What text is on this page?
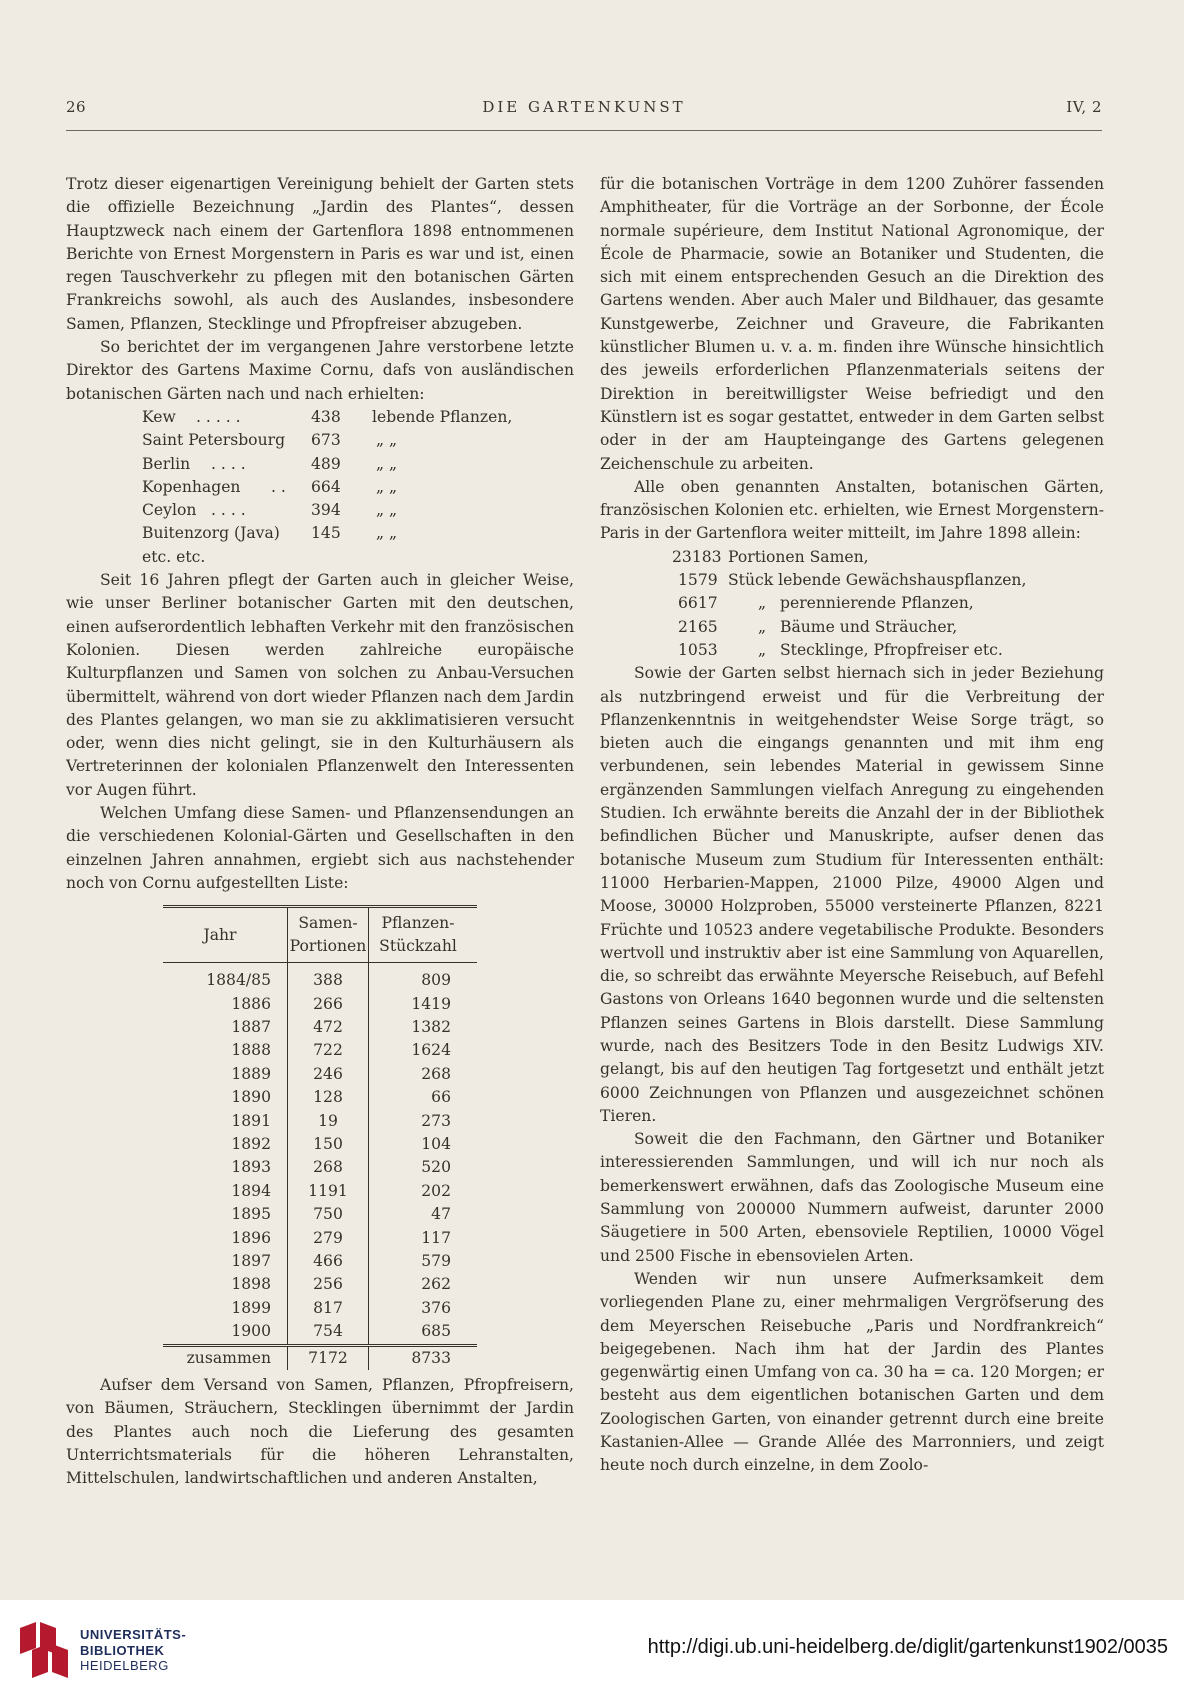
26	DIE GARTENKUNST	IV, 2

Trotz dieser eigenartigen Vereinigung behielt der Garten stets die offizielle Bezeichnung „Jardin des Plantes“, dessen Hauptzweck nach einem der Gartenflora 1898 entnommenen Berichte von Ernest Morgenstern in Paris es war und ist, einen regen Tauschverkehr zu pflegen mit den botanischen Gärten Frankreichs sowohl, als auch des Auslandes, insbesondere Samen, Pflanzen, Stecklinge und Pfropfreiser abzugeben.

So berichtet der im vergangenen Jahre verstorbene letzte Direktor des Gartens Maxime Cornu, dafs von ausländischen botanischen Gärten nach und nach erhielten:

Kew . . . . .	438 lebende Pflanzen,
Saint Petersbourg 673 „ „
Berlin . . . .	489 „ „
Kopenhagen . . 664 „ „
Ceylon . . . .	394 „ „
Buitenzorg (Java) 145 „ „
etc. etc.

Seit 16 Jahren pflegt der Garten auch in gleicher Weise, wie unser Berliner botanischer Garten mit den deutschen, einen aufserordentlich lebhaften Verkehr mit den französischen Kolonien. Diesen werden zahlreiche europäische Kulturpflanzen und Samen von solchen zu Anbau-Versuchen übermittelt, während von dort wieder Pflanzen nach dem Jardin des Plantes gelangen, wo man sie zu akklimatisieren versucht oder, wenn dies nicht gelingt, sie in den Kulturhäusern als Vertreterinnen der kolonialen Pflanzenwelt den Interessenten vor Augen führt.

Welchen Umfang diese Samen- und Pflanzensendungen an die verschiedenen Kolonial-Gärten und Gesellschaften in den einzelnen Jahren annahmen, ergiebt sich aus nachstehender noch von Cornu aufgestellten Liste:

Jahr	Samen-Portionen	Pflanzen-Stückzahl
1884/85	388	809
1886	266	1419
1887	472	1382
1888	722	1624
1889	246	268
1890	128	66
1891	19	273
1892	150	104
1893	268	520
1894	1191	202
1895	750	47
1896	279	117
1897	466	579
1898	256	262
1899	817	376
1900	754	685
zusammen	7172	8733

Aufser dem Versand von Samen, Pflanzen, Pfropfreisern, von Bäumen, Sträuchern, Stecklingen übernimmt der Jardin des Plantes auch noch die Lieferung des gesamten Unterrichtsmaterials für die höheren Lehranstalten, Mittelschulen, landwirtschaftlichen und anderen Anstalten,

für die botanischen Vorträge in dem 1200 Zuhörer fassenden Amphitheater, für die Vorträge an der Sorbonne, der École normale supérieure, dem Institut National Agronomique, der École de Pharmacie, sowie an Botaniker und Studenten, die sich mit einem entsprechenden Gesuch an die Direktion des Gartens wenden. Aber auch Maler und Bildhauer, das gesamte Kunstgewerbe, Zeichner und Graveure, die Fabrikanten künstlicher Blumen u. v. a. m. finden ihre Wünsche hinsichtlich des jeweils erforderlichen Pflanzenmaterials seitens der Direktion in bereitwilligster Weise befriedigt und den Künstlern ist es sogar gestattet, entweder in dem Garten selbst oder in der am Haupteingange des Gartens gelegenen Zeichenschule zu arbeiten.

Alle oben genannten Anstalten, botanischen Gärten, französischen Kolonien etc. erhielten, wie Ernest Morgenstern-Paris in der Gartenflora weiter mitteilt, im Jahre 1898 allein:

23183 Portionen Samen,
1579 Stück lebende Gewächshauspflanzen,
6617	„ perennierende Pflanzen,
2165	„ Bäume und Sträucher,
1053	„ Stecklinge, Pfropfreiser etc.

Sowie der Garten selbst hiernach sich in jeder Beziehung als nutzbringend erweist und für die Verbreitung der Pflanzenkenntnis in weitgehendster Weise Sorge trägt, so bieten auch die eingangs genannten und mit ihm eng verbundenen, sein lebendes Material in gewissem Sinne ergänzenden Sammlungen vielfach Anregung zu eingehenden Studien. Ich erwähnte bereits die Anzahl der in der Bibliothek befindlichen Bücher und Manuskripte, aufser denen das botanische Museum zum Studium für Interessenten enthält: 11000 Herbarien-Mappen, 21000 Pilze, 49000 Algen und Moose, 30000 Holzproben, 55000 versteinerte Pflanzen, 8221 Früchte und 10523 andere vegetabilische Produkte. Besonders wertvoll und instruktiv aber ist eine Sammlung von Aquarellen, die, so schreibt das erwähnte Meyersche Reisebuch, auf Befehl Gastons von Orleans 1640 begonnen wurde und die seltensten Pflanzen seines Gartens in Blois darstellt. Diese Sammlung wurde, nach des Besitzers Tode in den Besitz Ludwigs XIV. gelangt, bis auf den heutigen Tag fortgesetzt und enthält jetzt 6000 Zeichnungen von Pflanzen und ausgezeichnet schönen Tieren.

Soweit die den Fachmann, den Gärtner und Botaniker interessierenden Sammlungen, und will ich nur noch als bemerkenswert erwähnen, dafs das Zoologische Museum eine Sammlung von 200000 Nummern aufweist, darunter 2000 Säugetiere in 500 Arten, ebensoviele Reptilien, 10000 Vögel und 2500 Fische in ebensovielen Arten.

Wenden wir nun unsere Aufmerksamkeit dem vorliegenden Plane zu, einer mehrmaligen Vergröfserung des dem Meyerschen Reisebuche „Paris und Nordfrankreich“ beigegebenen. Nach ihm hat der Jardin des Plantes gegenwärtig einen Umfang von ca. 30 ha = ca. 120 Morgen; er besteht aus dem eigentlichen botanischen Garten und dem Zoologischen Garten, von einander getrennt durch eine breite Kastanien-Allee — Grande Allée des Marronniers, und zeigt heute noch durch einzelne, in dem Zoolo-

UNIVERSITÄTS-
BIBLIOTHEK
HEIDELBERG
http://digi.ub.uni-heidelberg.de/diglit/gartenkunst1902/0035
